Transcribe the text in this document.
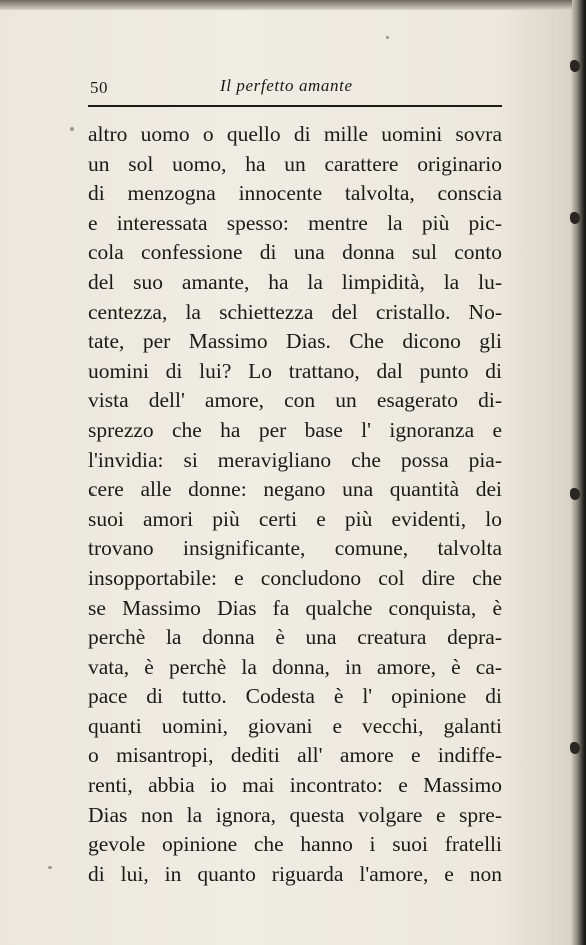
50	Il perfetto amante
altro uomo o quello di mille uomini sovra
un sol uomo, ha un carattere originario
di menzogna innocente talvolta, conscia
e interessata spesso: mentre la più pic-
cola confessione di una donna sul conto
del suo amante, ha la limpidità, la lu-
centezza, la schiettezza del cristallo. No-
tate, per Massimo Dias. Che dicono gli
uomini di lui? Lo trattano, dal punto di
vista dell' amore, con un esagerato di-
sprezzo che ha per base l' ignoranza e
l'invidia: si meravigliano che possa pia-
cere alle donne: negano una quantità dei
suoi amori più certi e più evidenti, lo
trovano insignificante, comune, talvolta
insopportabile: e concludono col dire che
se Massimo Dias fa qualche conquista, è
perchè la donna è una creatura depra-
vata, è perchè la donna, in amore, è ca-
pace di tutto. Codesta è l' opinione di
quanti uomini, giovani e vecchi, galanti
o misantropi, dediti all' amore e indiffe-
renti, abbia io mai incontrato: e Massimo
Dias non la ignora, questa volgare e spre-
gevole opinione che hanno i suoi fratelli
di lui, in quanto riguarda l'amore, e non
